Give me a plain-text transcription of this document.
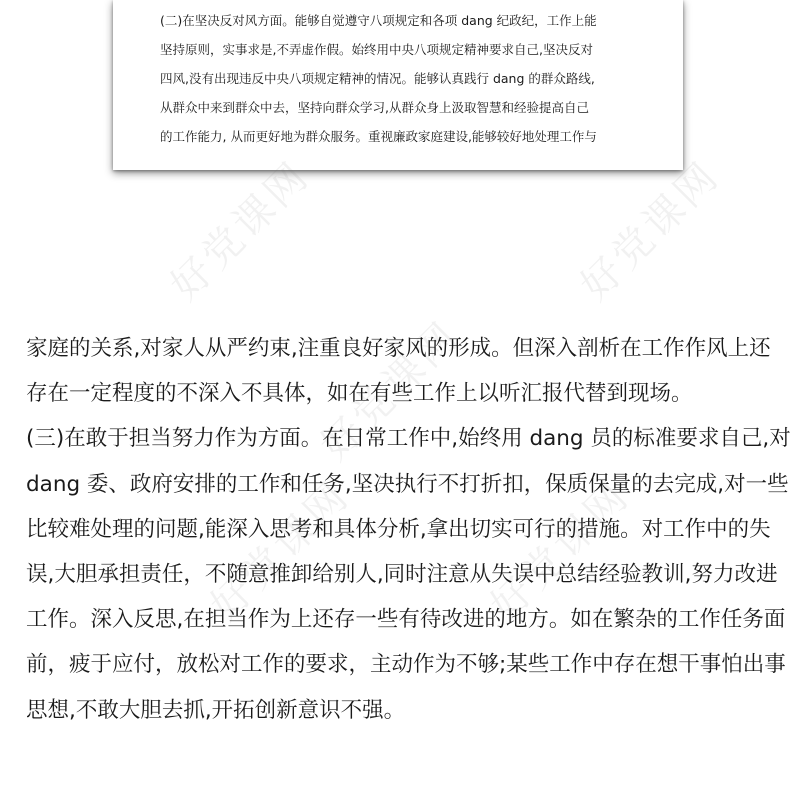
(二)在坚决反对风方面。能够自觉遵守八项规定和各项 dang 纪政纪，工作上能
坚持原则，实事求是,不弄虚作假。始终用中央八项规定精神要求自己,坚决反对
四风,没有出现违反中央八项规定精神的情况。能够认真践行 dang 的群众路线,
从群众中来到群众中去，坚持向群众学习,从群众身上汲取智慧和经验提高自己
的工作能力, 从而更好地为群众服务。重视廉政家庭建设,能够较好地处理工作与
好党课网	好党课网
好党课网
好党课网	好党课网
家庭的关系,对家人从严约束,注重良好家风的形成。但深入剖析在工作作风上还
存在一定程度的不深入不具体，如在有些工作上以听汇报代替到现场。
(三)在敢于担当努力作为方面。在日常工作中,始终用 dang 员的标准要求自己,对
dang 委、政府安排的工作和任务,坚决执行不打折扣，保质保量的去完成,对一些
比较难处理的问题,能深入思考和具体分析,拿出切实可行的措施。对工作中的失
误,大胆承担责任，不随意推卸给别人,同时注意从失误中总结经验教训,努力改进
工作。深入反思,在担当作为上还存一些有待改进的地方。如在繁杂的工作任务面
前，疲于应付，放松对工作的要求，主动作为不够;某些工作中存在想干事怕出事
思想,不敢大胆去抓,开拓创新意识不强。
